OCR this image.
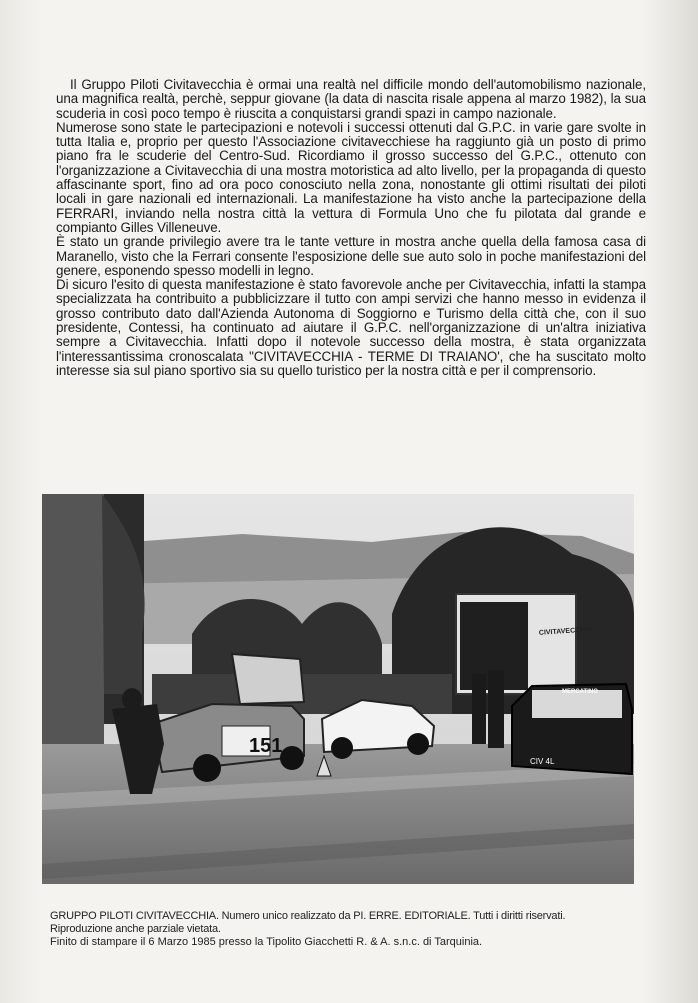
Il Gruppo Piloti Civitavecchia è ormai una realtà nel difficile mondo dell'automobilismo nazionale, una magnifica realtà, perchè, seppur giovane (la data di nascita risale appena al marzo 1982), la sua scuderia in così poco tempo è riuscita a conquistarsi grandi spazi in campo nazionale.

Numerose sono state le partecipazioni e notevoli i successi ottenuti dal G.P.C. in varie gare svolte in tutta Italia e, proprio per questo l'Associazione civitavecchiese ha raggiunto già un posto di primo piano fra le scuderie del Centro-Sud. Ricordiamo il grosso successo del G.P.C., ottenuto con l'organizzazione a Civitavecchia di una mostra motoristica ad alto livello, per la propaganda di questo affascinante sport, fino ad ora poco conosciuto nella zona, nonostante gli ottimi risultati dei piloti locali in gare nazionali ed internazionali. La manifestazione ha visto anche la partecipazione della FERRARI, inviando nella nostra città la vettura di Formula Uno che fu pilotata dal grande e compianto Gilles Villeneuve.

È stato un grande privilegio avere tra le tante vetture in mostra anche quella della famosa casa di Maranello, visto che la Ferrari consente l'esposizione delle sue auto solo in poche manifestazioni del genere, esponendo spesso modelli in legno.

Di sicuro l'esito di questa manifestazione è stato favorevole anche per Civitavecchia, infatti la stampa specializzata ha contribuito a pubblicizzare il tutto con ampi servizi che hanno messo in evidenza il grosso contributo dato dall'Azienda Autonoma di Soggiorno e Turismo della città che, con il suo presidente, Contessi, ha continuato ad aiutare il G.P.C. nell'organizzazione di un'altra iniziativa sempre a Civitavecchia. Infatti dopo il notevole successo della mostra, è stata organizzata l'interessantissima cronoscalata "CIVITAVECCHIA - TERME DI TRAIANO', che ha suscitato molto interesse sia sul piano sportivo sia su quello turistico per la nostra città e per il comprensorio.

CIVITAVECCHIA
151
MERCATINO
CIV 4L

GRUPPO PILOTI CIVITAVECCHIA. Numero unico realizzato da PI. ERRE. EDITORIALE. Tutti i diritti riservati. Riproduzione anche parziale vietata.

Finito di stampare il 6 Marzo 1985 presso la Tipolito Giacchetti R. & A. s.n.c. di Tarquinia.
